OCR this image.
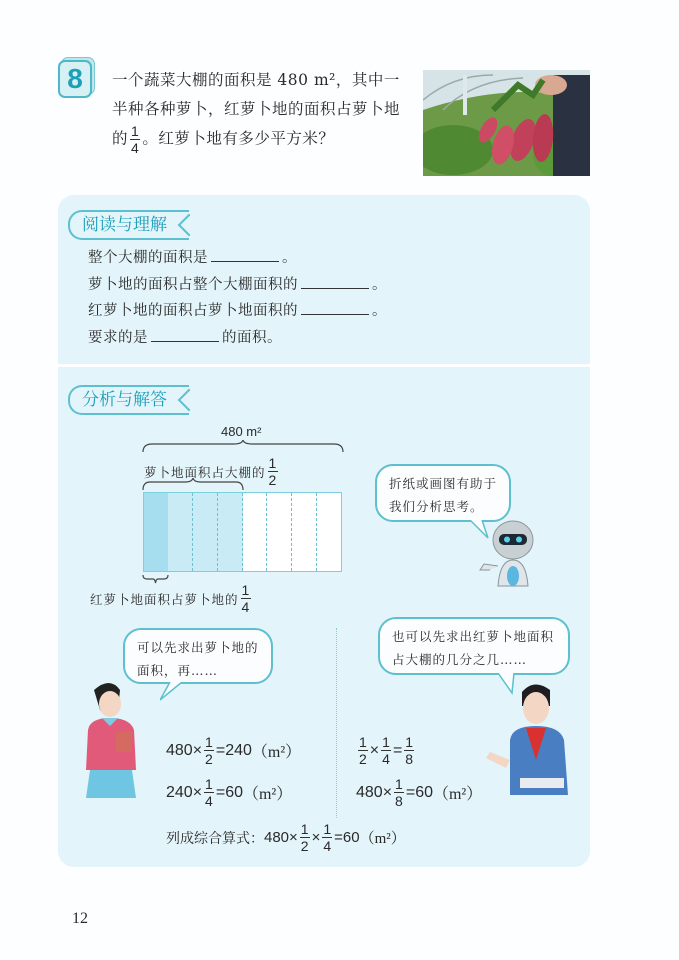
8	一个蔬菜大棚的面积是 480 m²，其中一
半种各种萝卜，红萝卜地的面积占萝卜地
的 $\frac{1}{4}$ 。红萝卜地有多少平方米？
阅读与理解
整个大棚的面积是	。
萝卜地的面积占整个大棚面积的	。
红萝卜地的面积占萝卜地面积的	。
要求的是	的面积。
分析与解答
480 m²
萝卜地面积占大棚的 $\frac{1}{2}$
红萝卜地面积占萝卜地的 $\frac{1}{4}$
折纸或画图有助于
我们分析思考。
可以先求出萝卜地的
面积，再……
$480\times \frac{1}{2} =240$ （m²）
$240\times \frac{1}{4} =60$ （m²）
也可以先求出红萝卜地面积
占大棚的几分之几……
$\frac{1}{2} \times \frac{1}{4} = \frac{1}{8}$
$480\times \frac{1}{8} =60$ （m²）
列成综合算式： $480\times \frac{1}{2} \times \frac{1}{4} =60$ （m²）
12
